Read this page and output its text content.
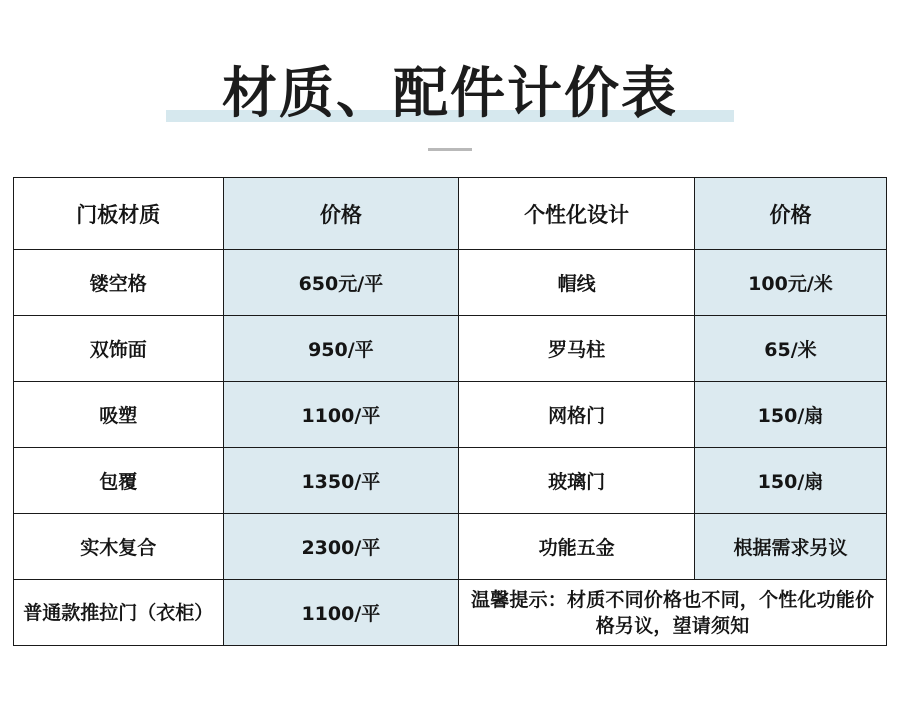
材质、配件计价表
门板材质	价格	个性化设计	价格
镂空格	650元/平	帽线	100元/米
双饰面	950/平	罗马柱	65/米
吸塑	1100/平	网格门	150/扇
包覆	1350/平	玻璃门	150/扇
实木复合	2300/平	功能五金	根据需求另议
普通款推拉门（衣柜）	1100/平	温馨提示：材质不同价格也不同，个性化功能价格另议，望请须知	
